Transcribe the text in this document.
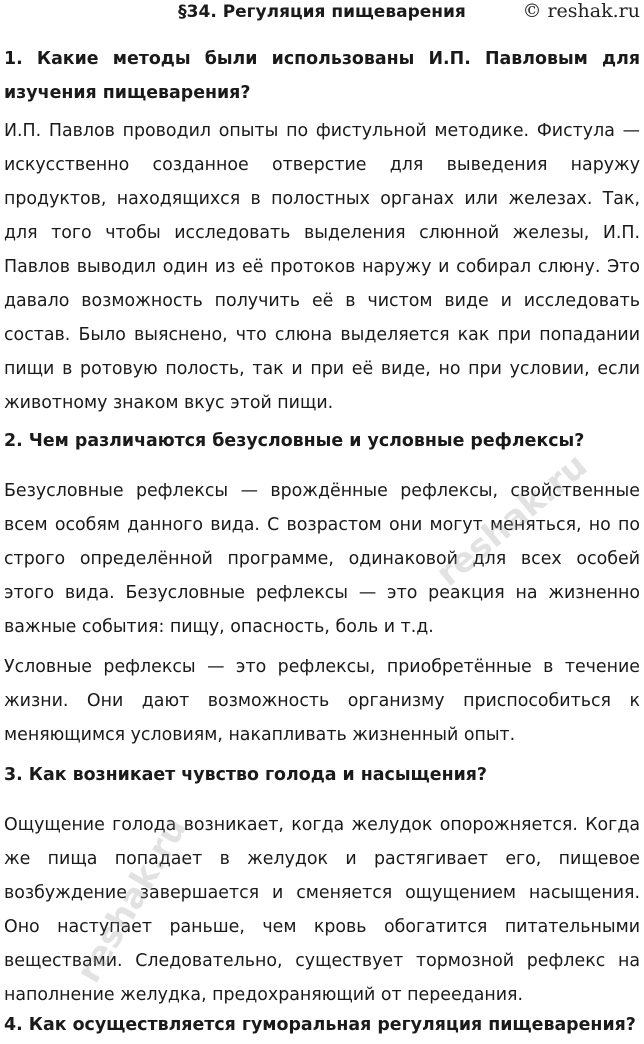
§34. Регуляция пищеварения	© reshak.ru
1. Какие методы были использованы И.П. Павловым для изучения пищеварения?
И.П. Павлов проводил опыты по фистульной методике. Фистула — искусственно созданное отверстие для выведения наружу продуктов, находящихся в полостных органах или железах. Так, для того чтобы исследовать выделения слюнной железы, И.П. Павлов выводил один из её протоков наружу и собирал слюну. Это давало возможность получить её в чистом виде и исследовать состав. Было выяснено, что слюна выделяется как при попадании пищи в ротовую полость, так и при её виде, но при условии, если животному знаком вкус этой пищи.
2. Чем различаются безусловные и условные рефлексы?
Безусловные рефлексы — врождённые рефлексы, свойственные всем особям данного вида. С возрастом они могут меняться, но по строго определённой программе, одинаковой для всех особей этого вида. Безусловные рефлексы — это реакция на жизненно важные события: пищу, опасность, боль и т.д.
Условные рефлексы — это рефлексы, приобретённые в течение жизни. Они дают возможность организму приспособиться к меняющимся условиям, накапливать жизненный опыт.
3. Как возникает чувство голода и насыщения?
Ощущение голода возникает, когда желудок опорожняется. Когда же пища попадает в желудок и растягивает его, пищевое возбуждение завершается и сменяется ощущением насыщения. Оно наступает раньше, чем кровь обогатится питательными веществами. Следовательно, существует тормозной рефлекс на наполнение желудка, предохраняющий от переедания.
4. Как осуществляется гуморальная регуляция пищеварения?
reshak.ru
reshak.ru
